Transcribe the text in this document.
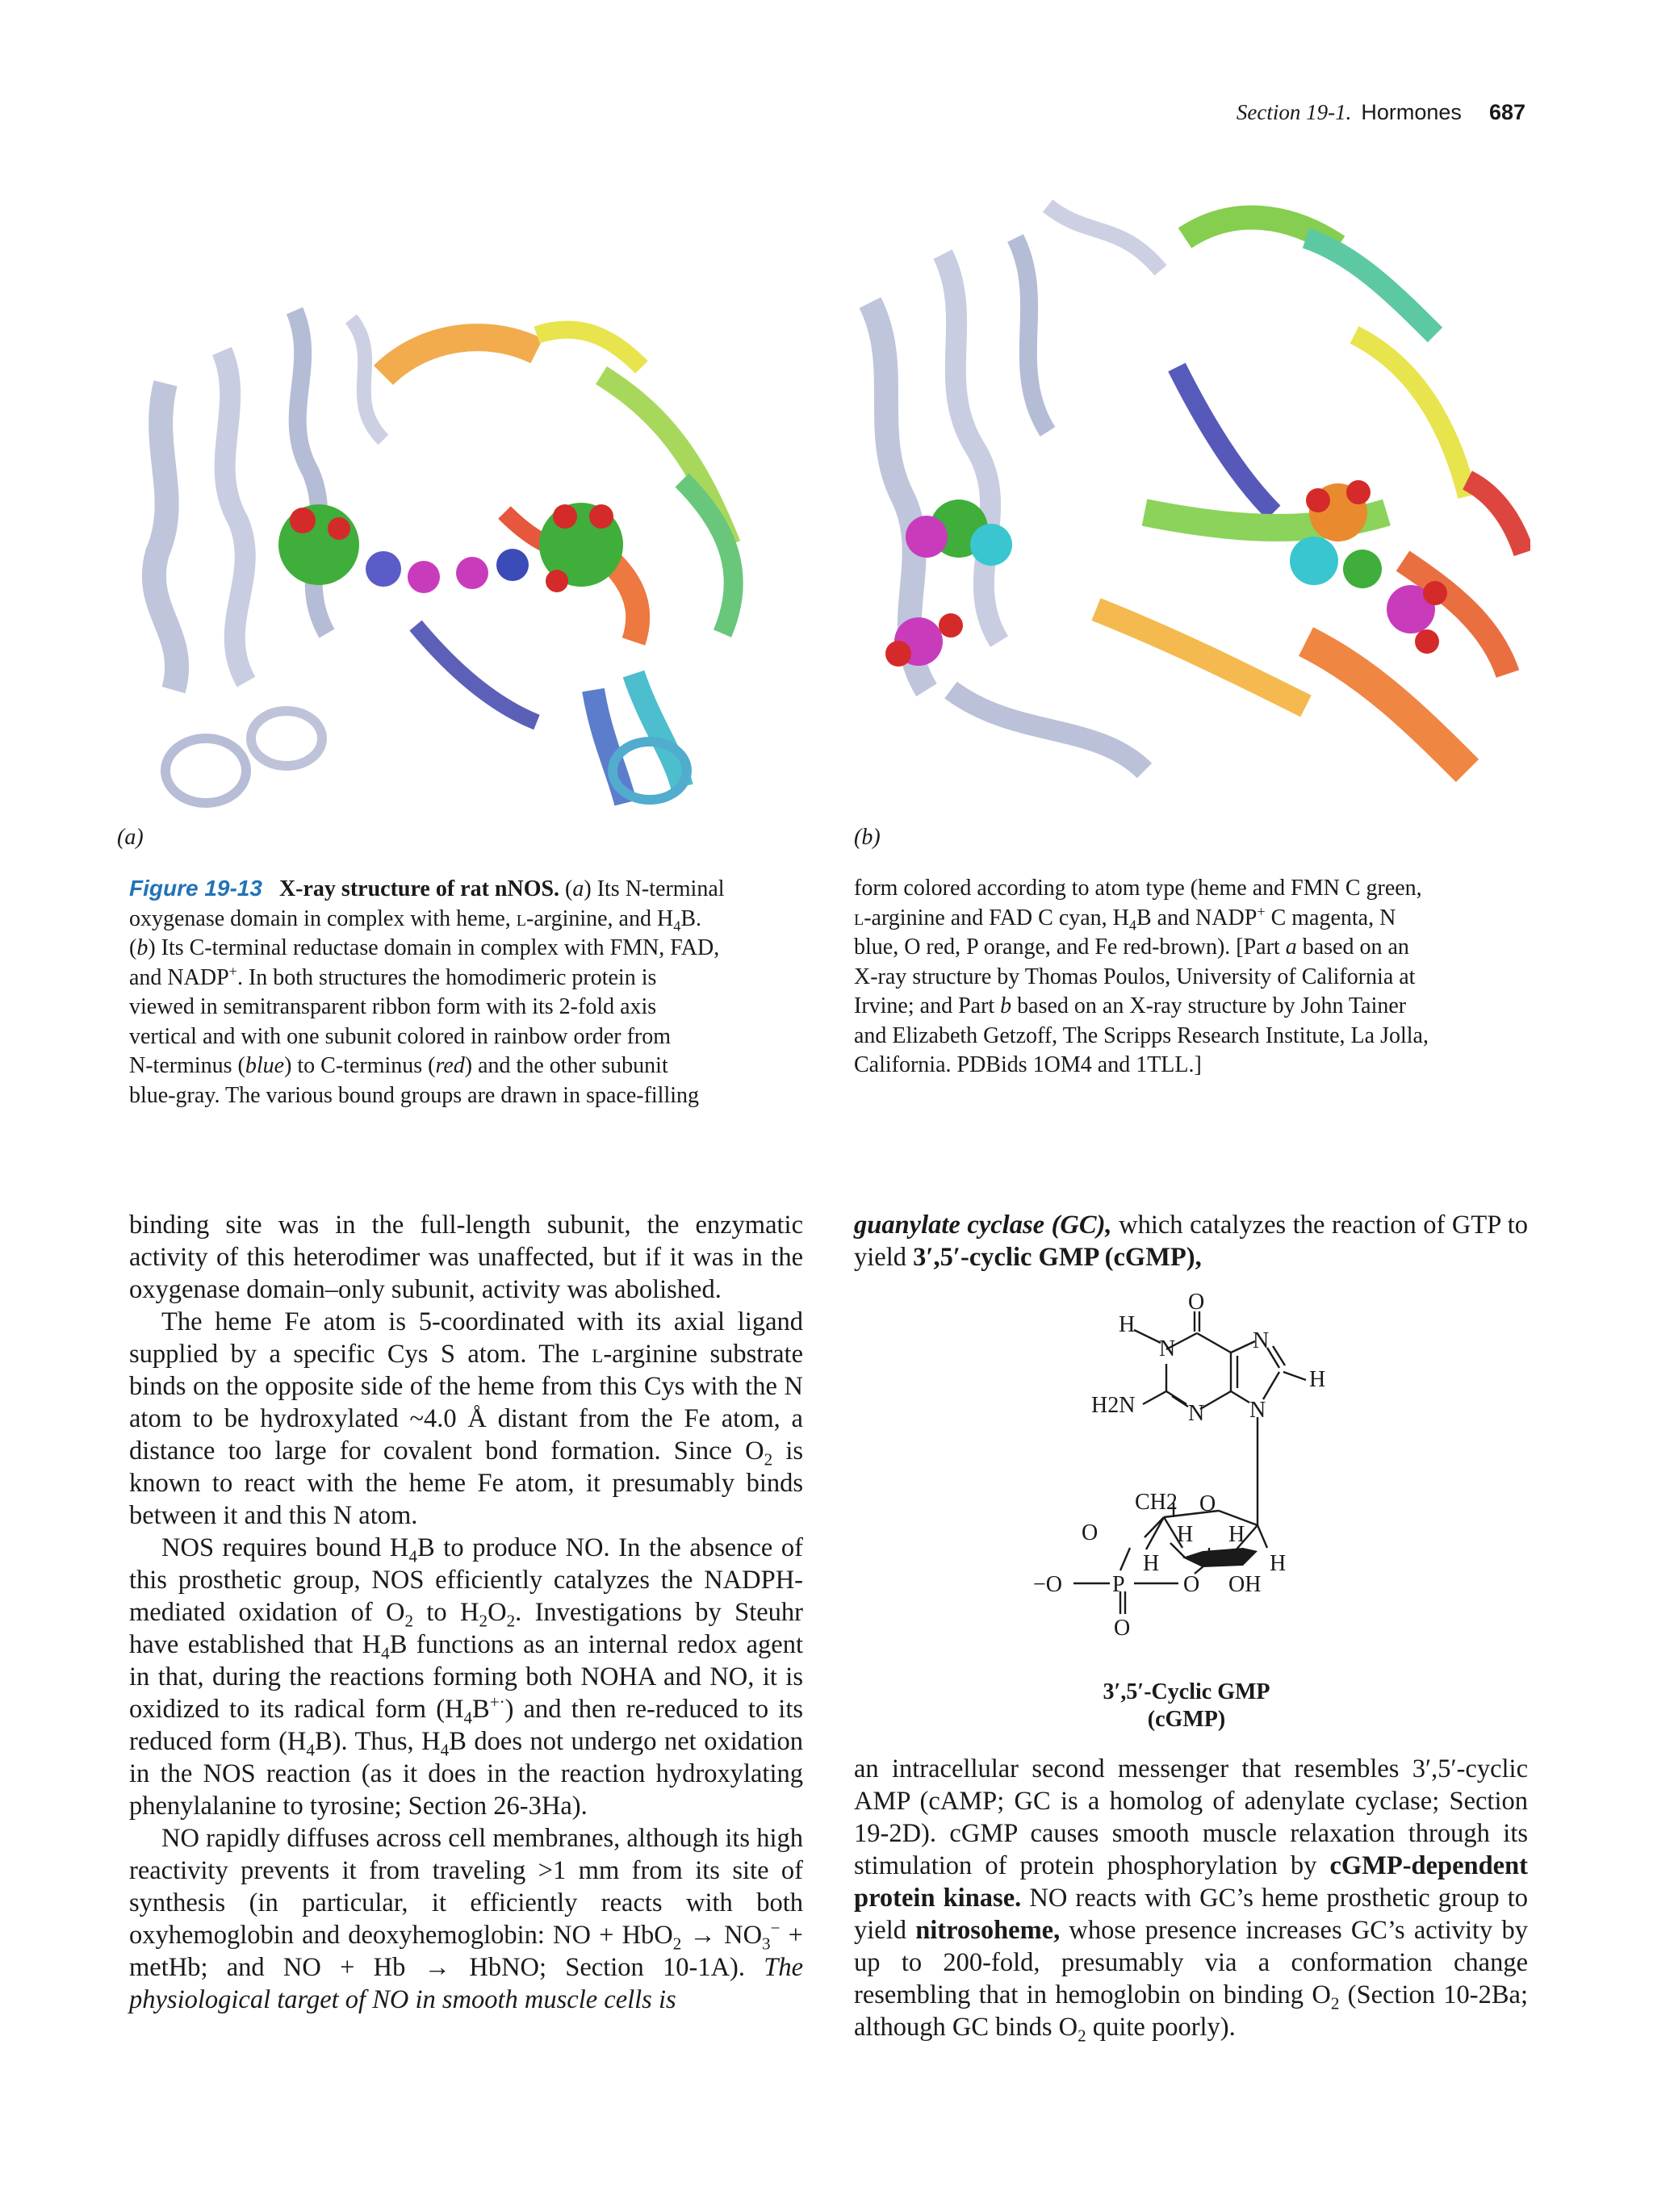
Section 19-1. Hormones 687
(a)	(b)
Figure 19-13 X-ray structure of rat nNOS. (a) Its N-terminal
oxygenase domain in complex with heme, l-arginine, and $H_4B$.
(b) Its C-terminal reductase domain in complex with FMN, FAD,
and NADP+. In both structures the homodimeric protein is
viewed in semitransparent ribbon form with its 2-fold axis
vertical and with one subunit colored in rainbow order from
N-terminus (blue) to C-terminus (red) and the other subunit
blue-gray. The various bound groups are drawn in space-filling
form colored according to atom type (heme and FMN C green,
l-arginine and FAD C cyan, $H_4B$ and NADP+ C magenta, N
blue, O red, P orange, and Fe red-brown). [Part a based on an
X-ray structure by Thomas Poulos, University of California at
Irvine; and Part b based on an X-ray structure by John Tainer
and Elizabeth Getzoff, The Scripps Research Institute, La Jolla,
California. PDBids 1OM4 and 1TLL.]

binding site was in the full-length subunit, the enzymatic activity of this heterodimer was unaffected, but if it was in the oxygenase domain–only subunit, activity was abolished.

The heme Fe atom is 5-coordinated with its axial ligand supplied by a specific Cys S atom. The l-arginine substrate binds on the opposite side of the heme from this Cys with the N atom to be hydroxylated ~4.0 Å distant from the Fe atom, a distance too large for covalent bond formation. Since $O_2$ is known to react with the heme Fe atom, it presumably binds between it and this N atom.

NOS requires bound $H_4B$ to produce NO. In the absence of this prosthetic group, NOS efficiently catalyzes the NADPH-mediated oxidation of $O_2$ to $H_2O_2$. Investigations by Steuhr have established that $H_4B$ functions as an internal redox agent in that, during the reactions forming both NOHA and NO, it is oxidized to its radical form $(H_4B^{+\cdot})$ and then re-reduced to its reduced form $(H_4B)$. Thus, $H_4B$ does not undergo net oxidation in the NOS reaction (as it does in the reaction hydroxylating phenylalanine to tyrosine; Section 26-3Ha).

NO rapidly diffuses across cell membranes, although its high reactivity prevents it from traveling >1 mm from its site of synthesis (in particular, it efficiently reacts with both oxyhemoglobin and deoxyhemoglobin: NO + $HbO_2 \to NO_3^-$ + metHb; and NO + Hb → HbNO; Section 10-1A). The physiological target of NO in smooth muscle cells is

guanylate cyclase (GC), which catalyzes the reaction of GTP to yield 3′,5′-cyclic GMP (cGMP),

O
H
N	N
H
H2N N N
CH2 O
O	H H
H	H
−O P	O OH
O
3′,5′-Cyclic GMP
(cGMP)

an intracellular second messenger that resembles 3′,5′-cyclic AMP (cAMP; GC is a homolog of adenylate cyclase; Section 19-2D). cGMP causes smooth muscle relaxation through its stimulation of protein phosphorylation by cGMP-dependent protein kinase. NO reacts with GC’s heme prosthetic group to yield nitrosoheme, whose presence increases GC’s activity by up to 200-fold, presumably via a conformation change resembling that in hemoglobin on binding $O_2$ (Section 10-2Ba; although GC binds $O_2$ quite poorly).
